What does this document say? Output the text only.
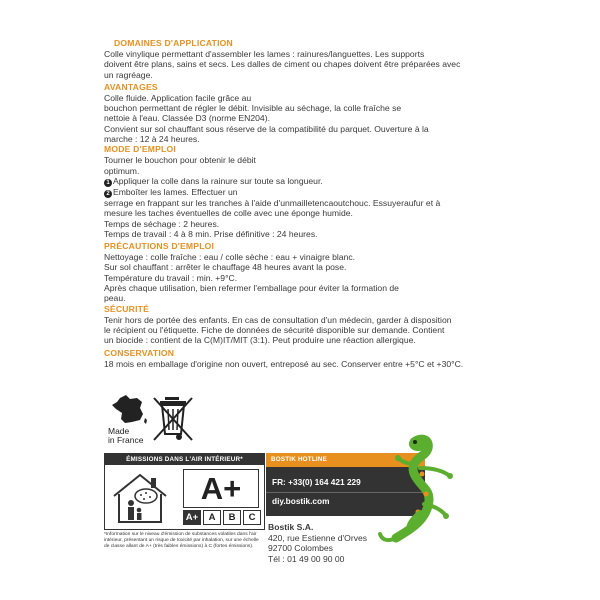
DOMAINES D'APPLICATION
Colle vinylique permettant d'assembler les lames : rainures/languettes. Les supports
doivent être plans, sains et secs. Les dalles de ciment ou chapes doivent être préparées avec
un ragréage.
AVANTAGES
Colle fluide. Application facile grâce au
bouchon permettant de régler le débit. Invisible au séchage, la colle fraîche se
nettoie à l'eau. Classée D3 (norme EN204).
Convient sur sol chauffant sous réserve de la compatibilité du parquet. Ouverture à la
marche : 12 à 24 heures.
MODE D'EMPLOI
Tourner le bouchon pour obtenir le débit
optimum.
1 Appliquer la colle dans la rainure sur toute sa longueur.
2 Emboîter les lames. Effectuer un
serrage en frappant sur les tranches à l'aide d'unmailletencaoutchouc. Essuyeraufur et à
mesure les taches éventuelles de colle avec une éponge humide.
Temps de séchage : 2 heures.
Temps de travail : 4 à 8 min. Prise définitive : 24 heures.
PRÉCAUTIONS D'EMPLOI
Nettoyage : colle fraîche : eau / colle sèche : eau + vinaigre blanc.
Sur sol chauffant : arrêter le chauffage 48 heures avant la pose.
Température du travail : min. +9°C.
Après chaque utilisation, bien refermer l'emballage pour éviter la formation de
peau.
SÉCURITÉ
Tenir hors de portée des enfants. En cas de consultation d'un médecin, garder à disposition
le récipient ou l'étiquette. Fiche de données de sécurité disponible sur demande. Contient
un biocide : contient de la C(M)IT/MIT (3:1). Peut produire une réaction allergique.
CONSERVATION
18 mois en emballage d'origine non ouvert, entreposé au sec. Conserver entre +5°C et +30°C.
Made
in France
ÉMISSIONS DANS L'AIR INTÉRIEUR*
A+
A+	A	B	C
*Information sur le niveau d'émission de substances volatiles dans l'air intérieur, présentant un risque de toxicité par inhalation, sur une échelle de classe allant de A+ (très faibles émissions) à C (fortes émissions).
BOSTIK HOTLINE
FR: +33(0) 164 421 229
diy.bostik.com
Bostik S.A.
420, rue Estienne d'Orves
92700 Colombes
Tél : 01 49 00 90 00
